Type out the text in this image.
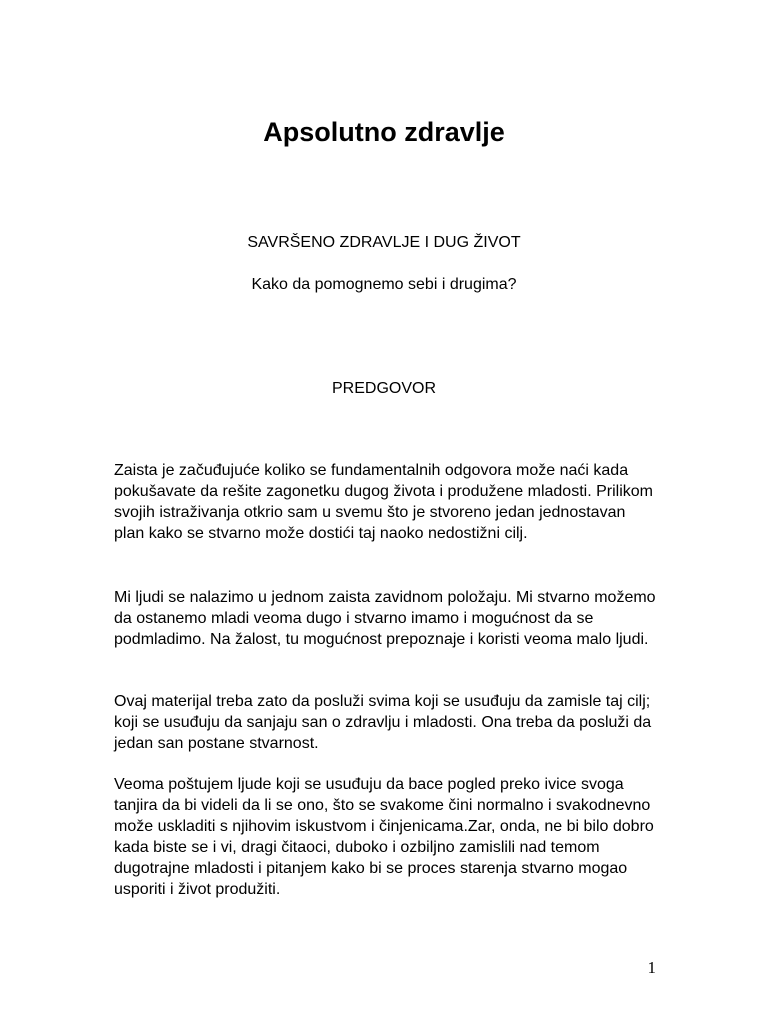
Apsolutno zdravlje
SAVRŠENO ZDRAVLJE I DUG ŽIVOT
Kako da pomognemo sebi i drugima?
PREDGOVOR

Zaista je začuđujuće koliko se fundamentalnih odgovora može naći kada pokušavate da rešite zagonetku dugog života i produžene mladosti. Prilikom svojih istraživanja otkrio sam u svemu što je stvoreno jedan jednostavan plan kako se stvarno može dostići taj naoko nedostižni cilj.

Mi ljudi se nalazimo u jednom zaista zavidnom položaju. Mi stvarno možemo da ostanemo mladi veoma dugo i stvarno imamo i mogućnost da se podmladimo. Na žalost, tu mogućnost prepoznaje i koristi veoma malo ljudi.

Ovaj materijal treba zato da posluži svima koji se usuđuju da zamisle taj cilj; koji se usuđuju da sanjaju san o zdravlju i mladosti. Ona treba da posluži da jedan san postane stvarnost.

Veoma poštujem ljude koji se usuđuju da bace pogled preko ivice svoga tanjira da bi videli da li se ono, što se svakome čini normalno i svakodnevno može uskladiti s njihovim iskustvom i činjenicama.Zar, onda, ne bi bilo dobro kada biste se i vi, dragi čitaoci, duboko i ozbiljno zamislili nad temom dugotrajne mladosti i pitanjem kako bi se proces starenja stvarno mogao usporiti i život produžiti.

1
